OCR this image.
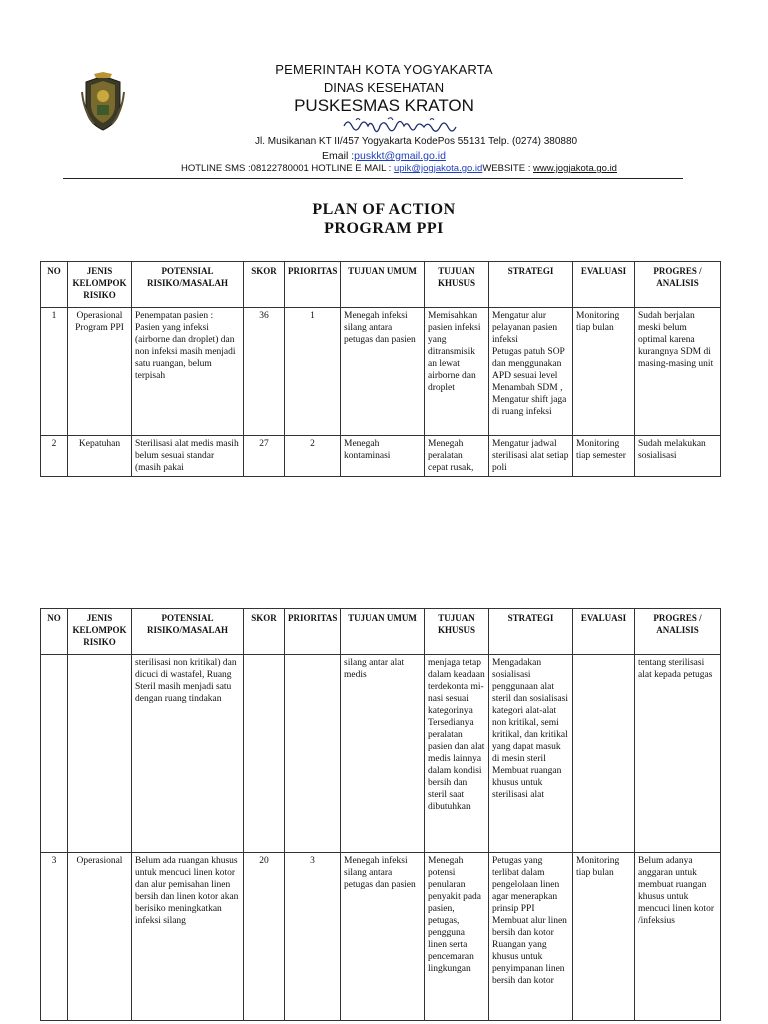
PEMERINTAH KOTA YOGYAKARTA
DINAS KESEHATAN
PUSKESMAS KRATON
Jl. Musikanan KT II/457 Yogyakarta KodePos 55131 Telp. (0274) 380880
Email :puskkt@gmail.go.id
HOTLINE SMS :08122780001 HOTLINE E MAIL : upik@jogjakota.go.idWEBSITE : www.jogjakota.go.id
PLAN OF ACTION
PROGRAM PPI
NO	JENIS KELOMPOK RISIKO	POTENSIAL RISIKO/MASALAH	SKOR	PRIORITAS	TUJUAN UMUM	TUJUAN KHUSUS	STRATEGI	EVALUASI	PROGRES / ANALISIS
1	Operasional Program PPI	Penempatan pasien : Pasien yang infeksi (airborne dan droplet) dan non infeksi masih menjadi satu ruangan, belum terpisah	36	1	Menegah infeksi silang antara petugas dan pasien	Memisahkan pasien infeksi yang ditransmisik an lewat airborne dan droplet	Mengatur alur pelayanan pasien infeksi
Petugas patuh SOP dan menggunakan APD sesuai level
Menambah SDM , Mengatur shift jaga di ruang infeksi	Monitoring tiap bulan	Sudah berjalan meski belum optimal karena kurangnya SDM di masing-masing unit
2	Kepatuhan	Sterilisasi alat medis masih belum sesuai standar (masih pakai	27	2	Menegah kontaminasi	Menegah peralatan cepat rusak,	Mengatur jadwal sterilisasi alat setiap poli	Monitoring tiap semester	Sudah melakukan sosialisasi
NO	JENIS KELOMPOK RISIKO	POTENSIAL RISIKO/MASALAH	SKOR	PRIORITAS	TUJUAN UMUM	TUJUAN KHUSUS	STRATEGI	EVALUASI	PROGRES / ANALISIS
		sterilisasi non kritikal) dan dicuci di wastafel, Ruang Steril masih menjadi satu dengan ruang tindakan			silang antar alat medis	menjaga tetap dalam keadaan terdekonta mi-nasi sesuai kategorinya Tersedianya peralatan pasien dan alat medis lainnya dalam kondisi bersih dan steril saat dibutuhkan	Mengadakan sosialisasi penggunaan alat steril dan sosialisasi kategori alat-alat non kritikal, semi kritikal, dan kritikal yang dapat masuk di mesin steril
Membuat ruangan khusus untuk sterilisasi alat		tentang sterilisasi alat kepada petugas
3	Operasional	Belum ada ruangan khusus untuk mencuci linen kotor dan alur pemisahan linen bersih dan linen kotor akan berisiko meningkatkan infeksi silang	20	3	Menegah infeksi silang antara petugas dan pasien	Menegah potensi penularan penyakit pada pasien, petugas, pengguna linen serta pencemaran lingkungan	Petugas yang terlibat dalam pengelolaan linen agar menerapkan prinsip PPI
Membuat alur linen bersih dan kotor
Ruangan yang khusus untuk penyimpanan linen bersih dan kotor	Monitoring tiap bulan	Belum adanya anggaran untuk membuat ruangan khusus untuk mencuci linen kotor
/infeksius
